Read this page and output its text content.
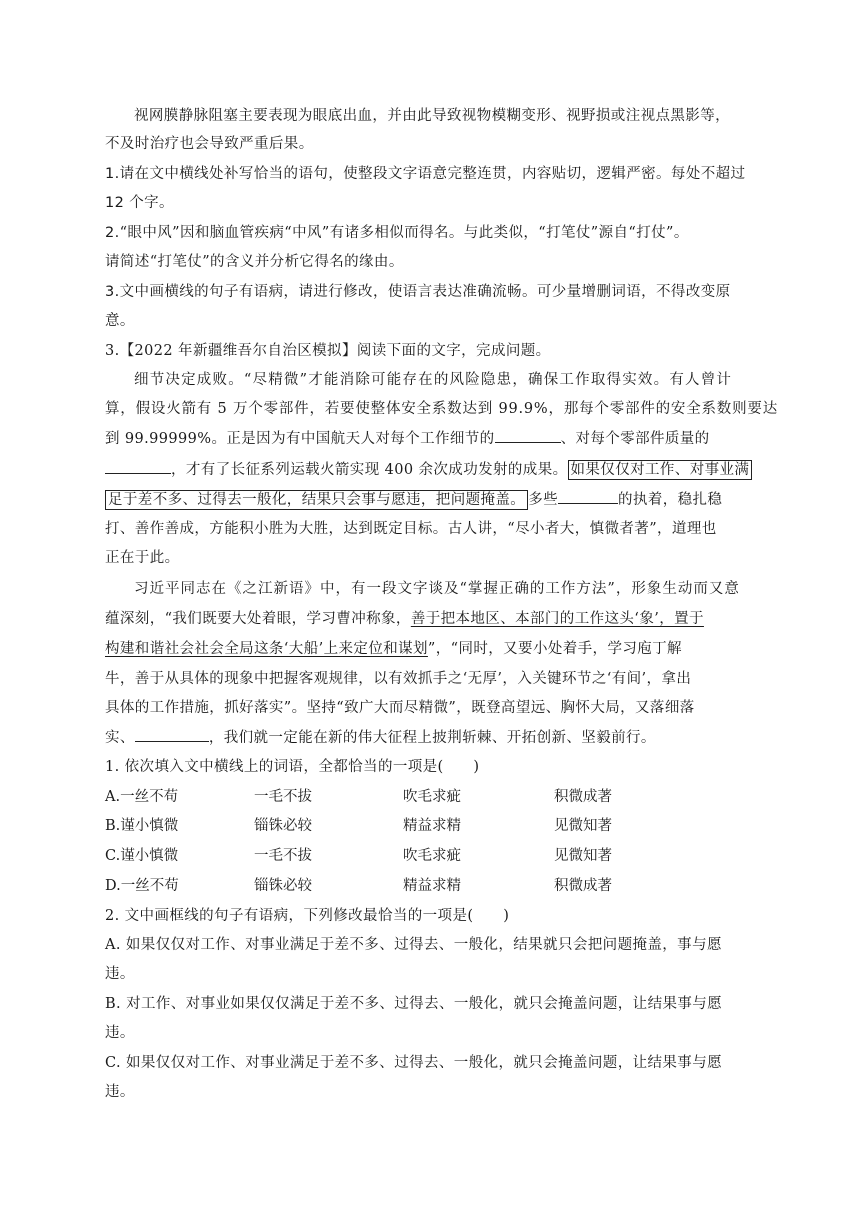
视网膜静脉阻塞主要表现为眼底出血，并由此导致视物模糊变形、视野损或注视点黑影等，
不及时治疗也会导致严重后果。
1.请在文中横线处补写恰当的语句，使整段文字语意完整连贯，内容贴切，逻辑严密。每处不超过
12 个字。
2.“眼中风”因和脑血管疾病“中风”有诸多相似而得名。与此类似，“打笔仗”源自“打仗”。
请简述“打笔仗”的含义并分析它得名的缘由。
3.文中画横线的句子有语病，请进行修改，使语言表达准确流畅。可少量增删词语，不得改变原
意。
3.【2022 年新疆维吾尔自治区模拟】阅读下面的文字，完成问题。
细节决定成败。“尽精微”才能消除可能存在的风险隐患，确保工作取得实效。有人曾计
算，假设火箭有 5 万个零部件，若要使整体安全系数达到 99.9%，那每个零部件的安全系数则要达
到 99.99999%。正是因为有中国航天人对每个工作细节的	、对每个零部件质量的
，才有了长征系列运载火箭实现 400 余次成功发射的成果。 如果仅仅对工作、对事业满
足于差不多、过得去一般化，结果只会事与愿违，把问题掩盖。 多些	的执着，稳扎稳
打、善作善成，方能积小胜为大胜，达到既定目标。古人讲，“尽小者大，慎微者著”，道理也
正在于此。
习近平同志在《之江新语》中，有一段文字谈及“掌握正确的工作方法”，形象生动而又意
蕴深刻，“我们既要大处着眼，学习曹冲称象，善于把本地区、本部门的工作这头‘象’，置于
构建和谐社会社会全局这条‘大船’上来定位和谋划”，“同时，又要小处着手，学习庖丁解
牛，善于从具体的现象中把握客观规律，以有效抓手之‘无厚’，入关键环节之‘有间’，拿出
具体的工作措施，抓好落实”。坚持“致广大而尽精微”，既登高望远、胸怀大局，又落细落
实、	，我们就一定能在新的伟大征程上披荆斩棘、开拓创新、坚毅前行。
1. 依次填入文中横线上的词语，全都恰当的一项是(　　)
A.一丝不苟	一毛不拔	吹毛求疵	积微成著
B.谨小慎微	锱铢必较	精益求精	见微知著
C.谨小慎微	一毛不拔	吹毛求疵	见微知著
D.一丝不苟	锱铢必较	精益求精	积微成著
2. 文中画框线的句子有语病，下列修改最恰当的一项是(　　)
A. 如果仅仅对工作、对事业满足于差不多、过得去、一般化，结果就只会把问题掩盖，事与愿
违。
B. 对工作、对事业如果仅仅满足于差不多、过得去、一般化，就只会掩盖问题，让结果事与愿
违。
C. 如果仅仅对工作、对事业满足于差不多、过得去、一般化，就只会掩盖问题，让结果事与愿
违。
